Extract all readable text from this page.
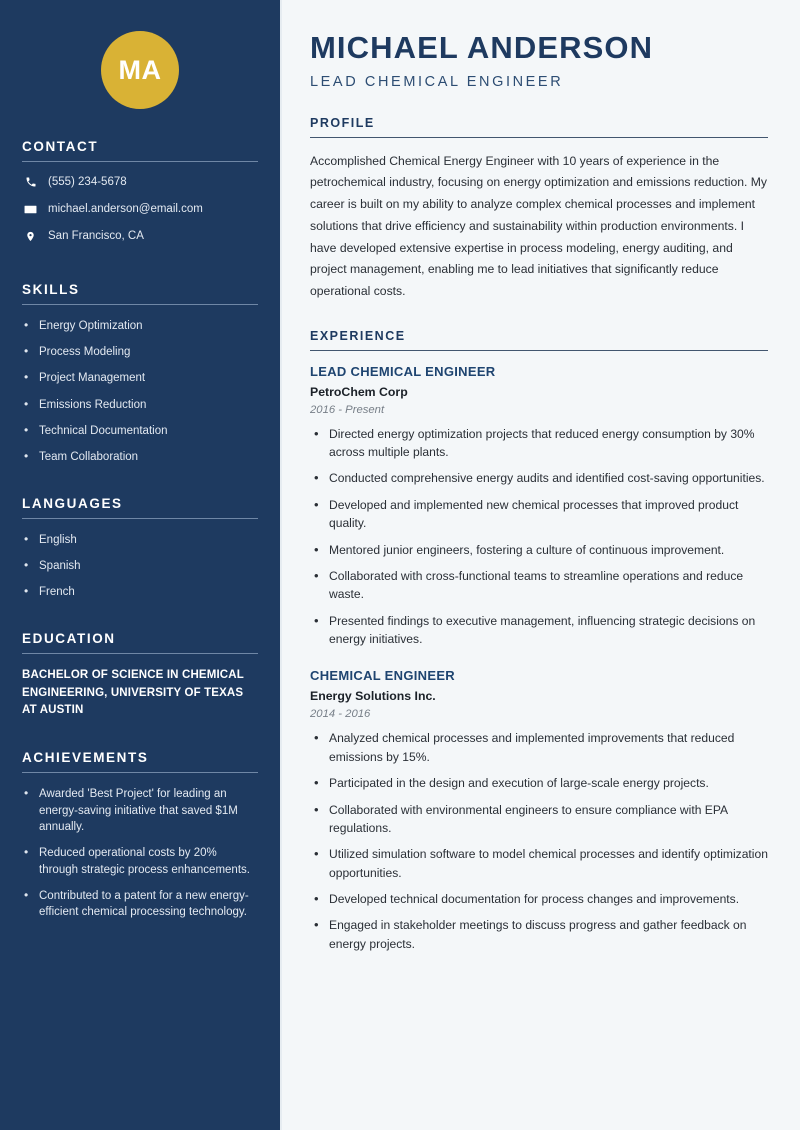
MA
CONTACT
(555) 234-5678
michael.anderson@email.com
San Francisco, CA
SKILLS
• Energy Optimization
• Process Modeling
• Project Management
• Emissions Reduction
• Technical Documentation
• Team Collaboration
LANGUAGES
• English
• Spanish
• French
EDUCATION
BACHELOR OF SCIENCE IN CHEMICAL ENGINEERING, UNIVERSITY OF TEXAS AT AUSTIN
ACHIEVEMENTS
• Awarded 'Best Project' for leading an energy-saving initiative that saved $1M annually.
• Reduced operational costs by 20% through strategic process enhancements.
• Contributed to a patent for a new energy-efficient chemical processing technology.
MICHAEL ANDERSON
LEAD CHEMICAL ENGINEER
PROFILE

Accomplished Chemical Energy Engineer with 10 years of experience in the petrochemical industry, focusing on energy optimization and emissions reduction. My career is built on my ability to analyze complex chemical processes and implement solutions that drive efficiency and sustainability within production environments. I have developed extensive expertise in process modeling, energy auditing, and project management, enabling me to lead initiatives that significantly reduce operational costs.

EXPERIENCE
LEAD CHEMICAL ENGINEER
PetroChem Corp
2016 - Present
• Directed energy optimization projects that reduced energy consumption by 30% across multiple plants.
• Conducted comprehensive energy audits and identified cost-saving opportunities.
• Developed and implemented new chemical processes that improved product quality.
• Mentored junior engineers, fostering a culture of continuous improvement.
• Collaborated with cross-functional teams to streamline operations and reduce waste.
• Presented findings to executive management, influencing strategic decisions on energy initiatives.
CHEMICAL ENGINEER
Energy Solutions Inc.
2014 - 2016
• Analyzed chemical processes and implemented improvements that reduced emissions by 15%.
• Participated in the design and execution of large-scale energy projects.
• Collaborated with environmental engineers to ensure compliance with EPA regulations.
• Utilized simulation software to model chemical processes and identify optimization opportunities.
• Developed technical documentation for process changes and improvements.
• Engaged in stakeholder meetings to discuss progress and gather feedback on energy projects.
